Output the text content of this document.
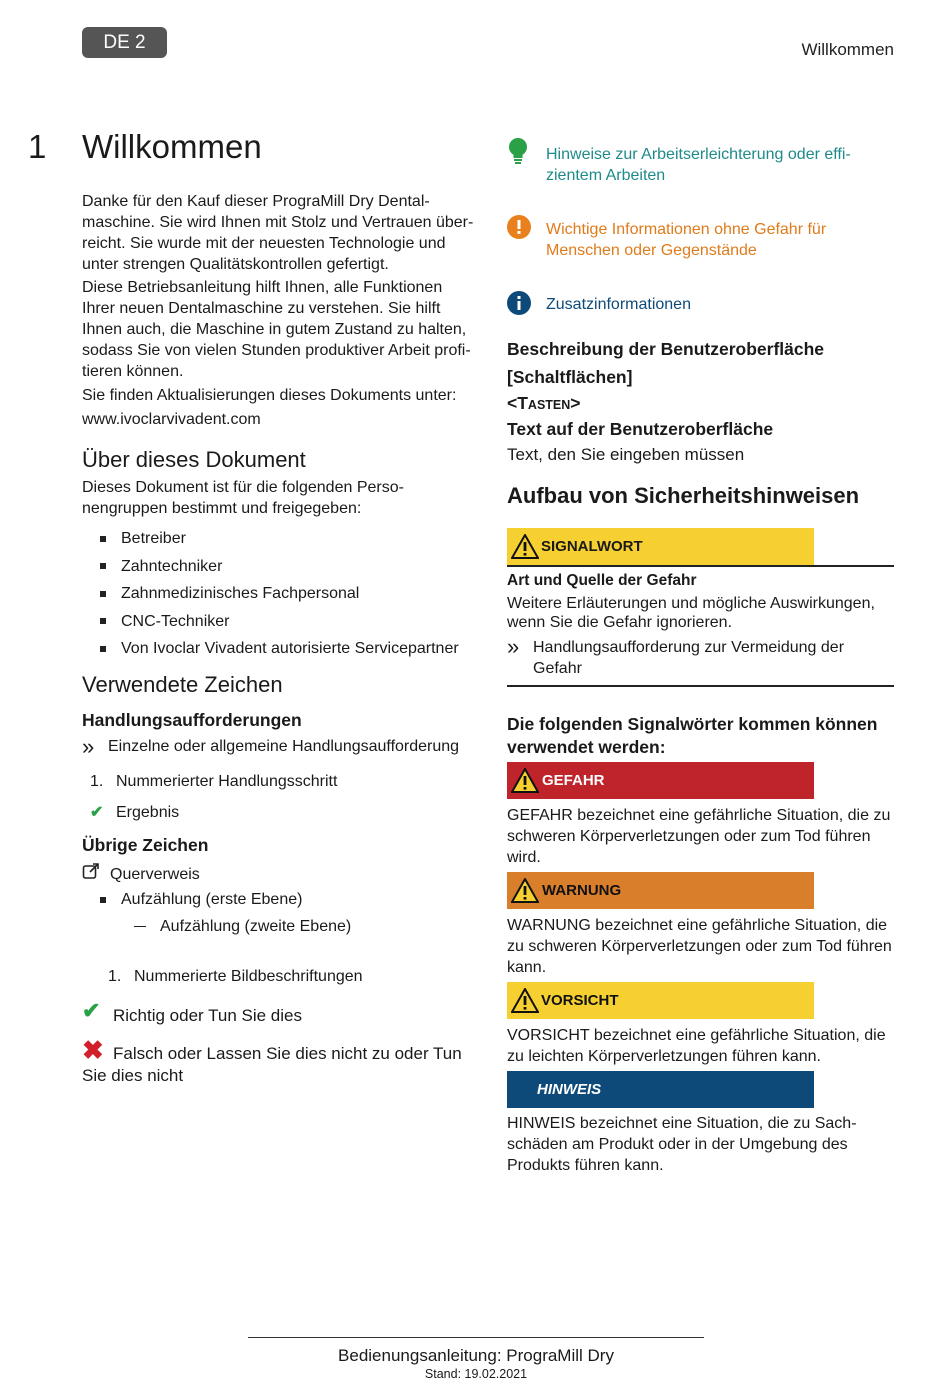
DE 2	Willkommen
1 Willkommen
Danke für den Kauf dieser PrograMill Dry Dental-
maschine. Sie wird Ihnen mit Stolz und Vertrauen über-
reicht. Sie wurde mit der neuesten Technologie und
unter strengen Qualitätskontrollen gefertigt.
Diese Betriebsanleitung hilft Ihnen, alle Funktionen
Ihrer neuen Dentalmaschine zu verstehen. Sie hilft
Ihnen auch, die Maschine in gutem Zustand zu halten,
sodass Sie von vielen Stunden produktiver Arbeit profi-
tieren können.
Sie finden Aktualisierungen dieses Dokuments unter:
www.ivoclarvivadent.com
Über dieses Dokument
Dieses Dokument ist für die folgenden Perso-
nengruppen bestimmt und freigegeben:
Betreiber
Zahntechniker
Zahnmedizinisches Fachpersonal
CNC-Techniker
Von Ivoclar Vivadent autorisierte Servicepartner
Verwendete Zeichen
Handlungsaufforderungen
» Einzelne oder allgemeine Handlungsaufforderung
1. Nummerierter Handlungsschritt
✔ Ergebnis
Übrige Zeichen
Querverweis
Aufzählung (erste Ebene)
Aufzählung (zweite Ebene)
1. Nummerierte Bildbeschriftungen
✔ Richtig oder Tun Sie dies
✖ Falsch oder Lassen Sie dies nicht zu oder Tun
Sie dies nicht
Hinweise zur Arbeitserleichterung oder effi-
zientem Arbeiten
Wichtige Informationen ohne Gefahr für
Menschen oder Gegenstände
Zusatzinformationen
Beschreibung der Benutzeroberfläche
[Schaltflächen]
<TASTEN>
Text auf der Benutzeroberfläche
Text, den Sie eingeben müssen
Aufbau von Sicherheitshinweisen
SIGNALWORT
Art und Quelle der Gefahr
Weitere Erläuterungen und mögliche Auswirkungen,
wenn Sie die Gefahr ignorieren.
» Handlungsaufforderung zur Vermeidung der
Gefahr
Die folgenden Signalwörter kommen können
verwendet werden:
GEFAHR
GEFAHR bezeichnet eine gefährliche Situation, die zu
schweren Körperverletzungen oder zum Tod führen
wird.
WARNUNG
WARNUNG bezeichnet eine gefährliche Situation, die
zu schweren Körperverletzungen oder zum Tod führen
kann.
VORSICHT
VORSICHT bezeichnet eine gefährliche Situation, die
zu leichten Körperverletzungen führen kann.
HINWEIS
HINWEIS bezeichnet eine Situation, die zu Sach-
schäden am Produkt oder in der Umgebung des
Produkts führen kann.
Bedienungsanleitung: PrograMill Dry
Stand: 19.02.2021
